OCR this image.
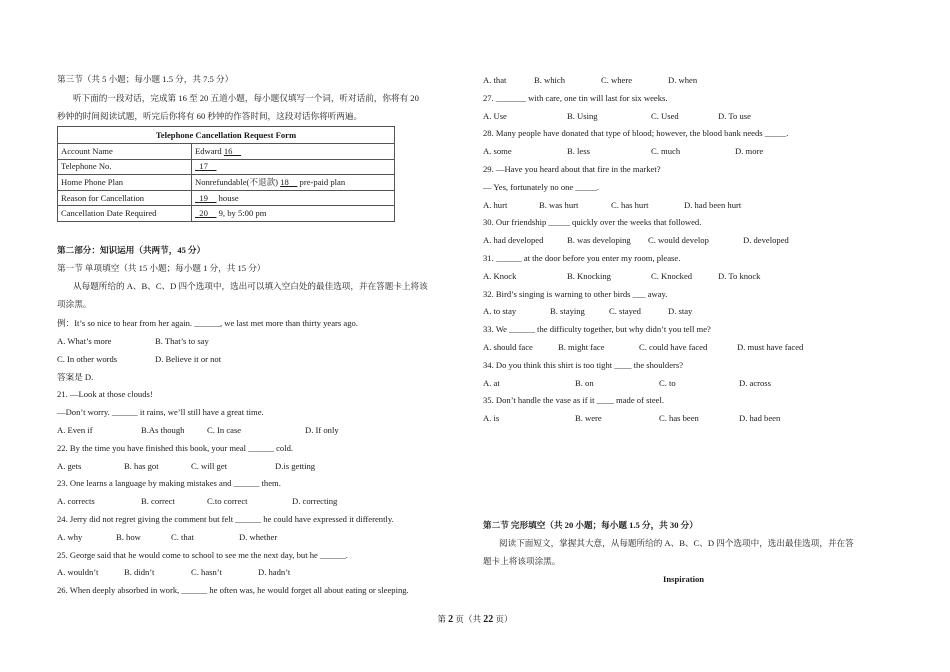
第三节（共 5 小题；每小题 1.5 分，共 7.5 分）
听下面的一段对话，完成第 16 至 20 五道小题，每小题仅填写一个词，听对话前，你将有 20
秒钟的时间阅读试题，听完后你将有 60 秒钟的作答时间，这段对话你将听两遍。
Telephone Cancellation Request Form	
Account Name	Edward 16
Telephone No.	17
Home Phone Plan	Nonrefundable(不退款) 18     pre-paid plan
Reason for Cancellation	19     house
Cancellation Date Required	20     9, by 5:00 pm
第二部分：知识运用（共两节，45 分）
第一节 单项填空（共 15 小题；每小题 1 分，共 15 分）
从每题所给的 A、B、C、D 四个选项中，选出可以填入空白处的最佳选项，并在答题卡上将该
项涂黑。
例：It’s so nice to hear from her again. ______, we last met more than thirty years ago.
A. What’s more	B. That’s to say
C. In other words	D. Believe it or not
答案是 D.
21. —Look at those clouds!
—Don’t worry. ______ it rains, we’ll still have a great time.
A. Even if	B.As though	C. In case	D. If only
22. By the time you have finished this book, your meal ______ cold.
A. gets	B. has got	C. will get	D.is getting
23. One learns a language by making mistakes and ______ them.
A. corrects	B. correct	C.to correct	D. correcting
24. Jerry did not regret giving the comment but felt ______ he could have expressed it differently.
A. why	B. how	C. that	D. whether
25. George said that he would come to school to see me the next day, but he ______.
A. wouldn’t	B. didn’t	C. hasn’t	D. hadn’t
26. When deeply absorbed in work, ______ he often was, he would forget all about eating or sleeping.
A. that	B. which	C. where	D. when
27. _______ with care, one tin will last for six weeks.
A. Use	B. Using	C. Used	D. To use
28. Many people have donated that type of blood; however, the blood bank needs _____.
A. some	B. less	C. much	D. more
29. —Have you heard about that fire in the market?
— Yes, fortunately no one _____.
A. hurt	B. was hurt	C. has hurt	D. had been hurt
30. Our friendship _____ quickly over the weeks that followed.
A. had developed	B. was developing C. would develop	D. developed
31. ______ at the door before you enter my room, please.
A. Knock	B. Knocking	C. Knocked	D. To knock
32. Bird’s singing is warning to other birds ___ away.
A. to stay	B. staying	C. stayed	D. stay
33. We ______ the difficulty together, but why didn’t you tell me?
A. should face	B. might face	C. could have faced	D. must have faced
34. Do you think this shirt is too tight ____ the shoulders?
A. at	B. on	C. to	D. across
35. Don’t handle the vase as if it ____ made of steel.
A. is	B. were	C. has been	D. had been
第二节 完形填空（共 20 小题；每小题 1.5 分，共 30 分）
阅读下面短文，掌握其大意，从每题所给的 A、B、C、D 四个选项中，选出最佳选项，并在答
题卡上将该项涂黑。
Inspiration
第 2 页（共 22 页）
